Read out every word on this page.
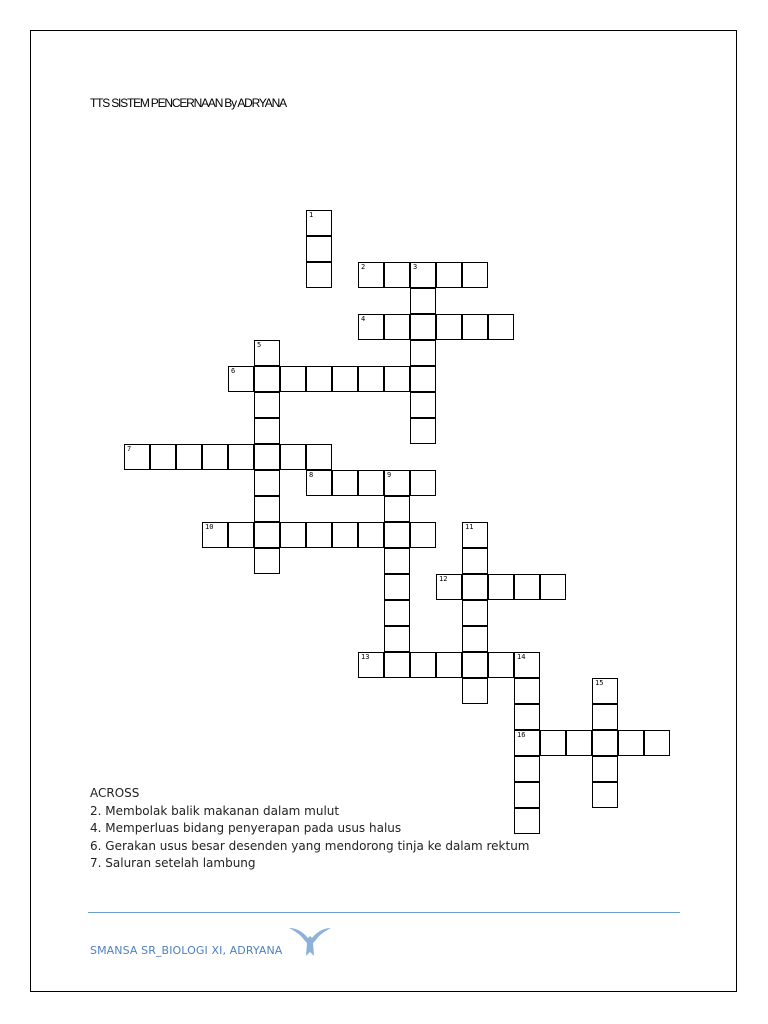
TTS SISTEM PENCERNAAN By ADRYANA
1
2	3
4
5
6
7
8	9
10	11
12
13	14
16
15
ACROSS
2. Membolak balik makanan dalam mulut
4. Memperluas bidang penyerapan pada usus halus
6. Gerakan usus besar desenden yang mendorong tinja ke dalam rektum
7. Saluran setelah lambung
SMANSA SR_BIOLOGI XI, ADRYANA
